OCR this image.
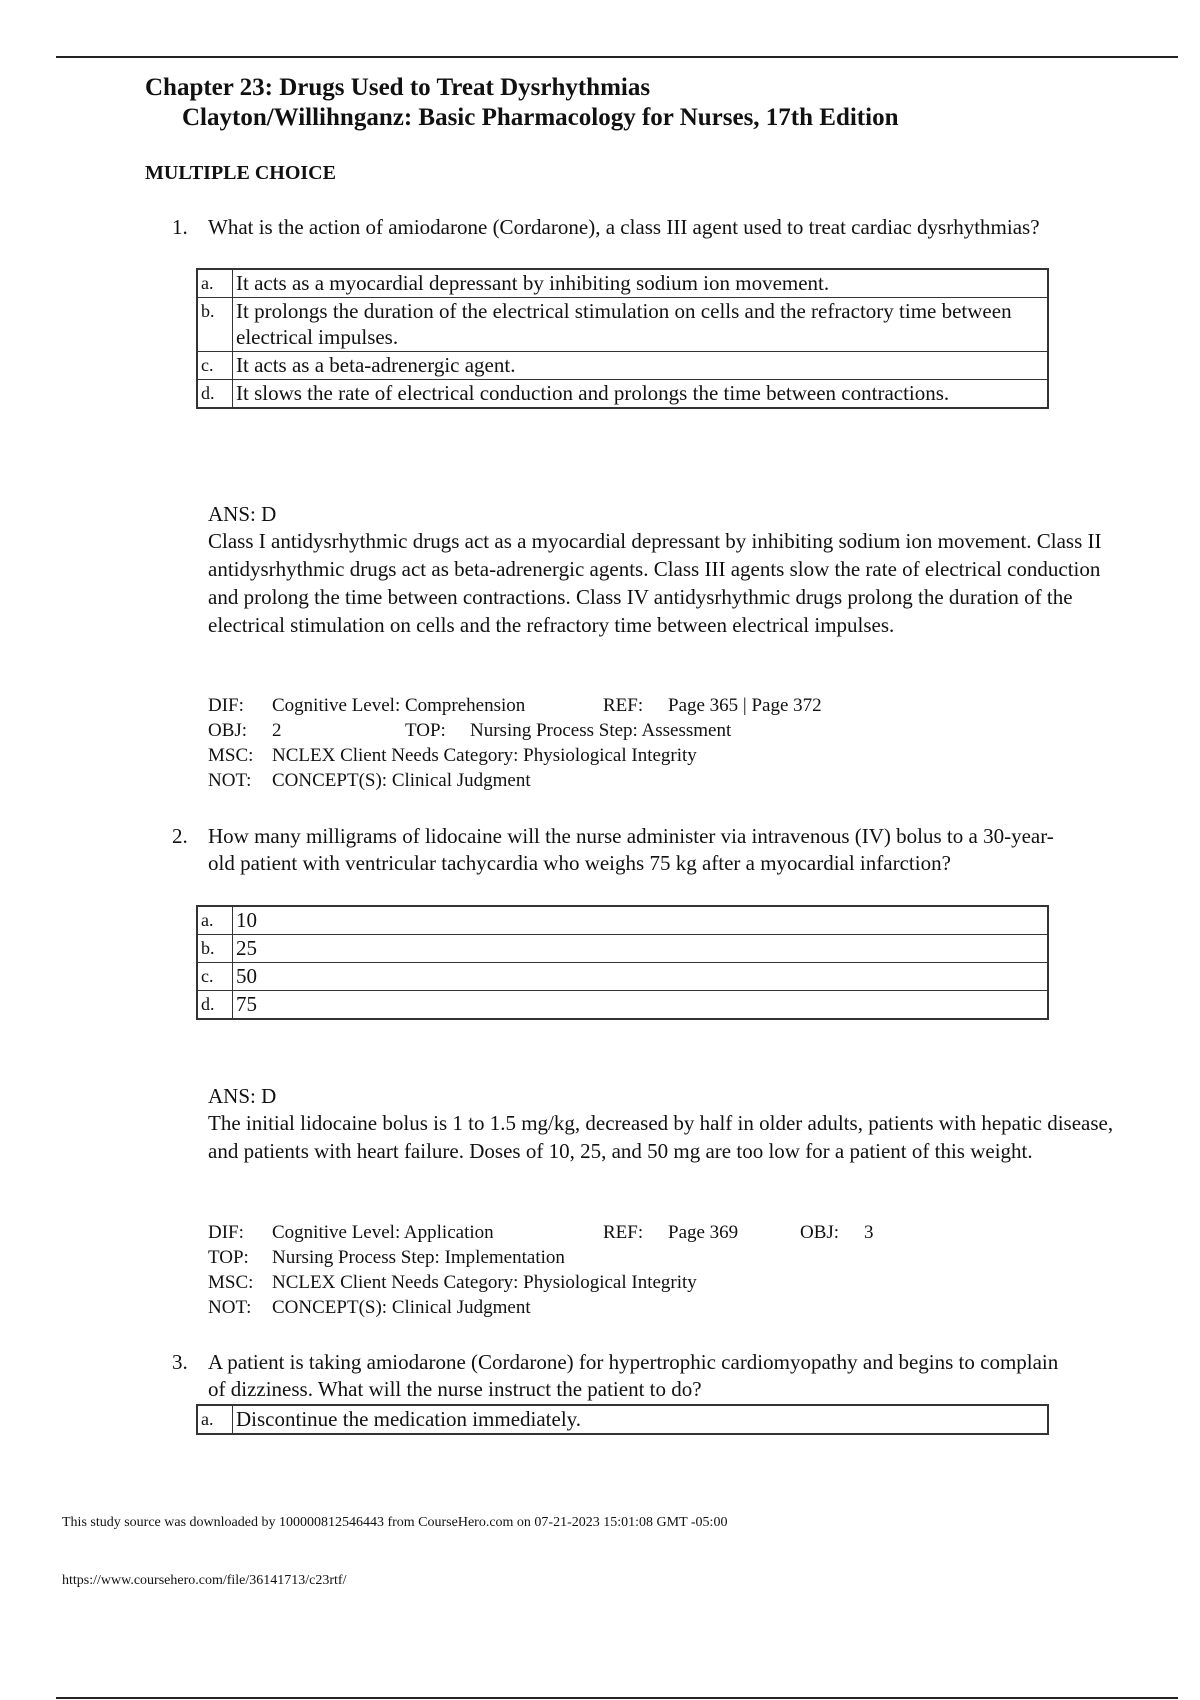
Chapter 23: Drugs Used to Treat Dysrhythmias
Clayton/Willihnganz: Basic Pharmacology for Nurses, 17th Edition
MULTIPLE CHOICE
1. What is the action of amiodarone (Cordarone), a class III agent used to treat cardiac dysrhythmias?
a.	It acts as a myocardial depressant by inhibiting sodium ion movement.
b.	It prolongs the duration of the electrical stimulation on cells and the refractory time between electrical impulses.
c.	It acts as a beta-adrenergic agent.
d.	It slows the rate of electrical conduction and prolongs the time between contractions.
ANS: D
Class I antidysrhythmic drugs act as a myocardial depressant by inhibiting sodium ion movement. Class II antidysrhythmic drugs act as beta-adrenergic agents. Class III agents slow the rate of electrical conduction and prolong the time between contractions. Class IV antidysrhythmic drugs prolong the duration of the electrical stimulation on cells and the refractory time between electrical impulses.
DIF: Cognitive Level: Comprehension	REF: Page 365 | Page 372
OBJ: 2	TOP: Nursing Process Step: Assessment
MSC: NCLEX Client Needs Category: Physiological Integrity
NOT: CONCEPT(S): Clinical Judgment
2. How many milligrams of lidocaine will the nurse administer via intravenous (IV) bolus to a 30-year-old patient with ventricular tachycardia who weighs 75 kg after a myocardial infarction?
a.	10
b.	25
c.	50
d.	75
ANS: D
The initial lidocaine bolus is 1 to 1.5 mg/kg, decreased by half in older adults, patients with hepatic disease, and patients with heart failure. Doses of 10, 25, and 50 mg are too low for a patient of this weight.
DIF: Cognitive Level: Application	REF: Page 369	OBJ: 3
TOP: Nursing Process Step: Implementation
MSC: NCLEX Client Needs Category: Physiological Integrity
NOT: CONCEPT(S): Clinical Judgment
3. A patient is taking amiodarone (Cordarone) for hypertrophic cardiomyopathy and begins to complain of dizziness. What will the nurse instruct the patient to do?
a.	Discontinue the medication immediately.
This study source was downloaded by 100000812546443 from CourseHero.com on 07-21-2023 15:01:08 GMT -05:00
https://www.coursehero.com/file/36141713/c23rtf/
